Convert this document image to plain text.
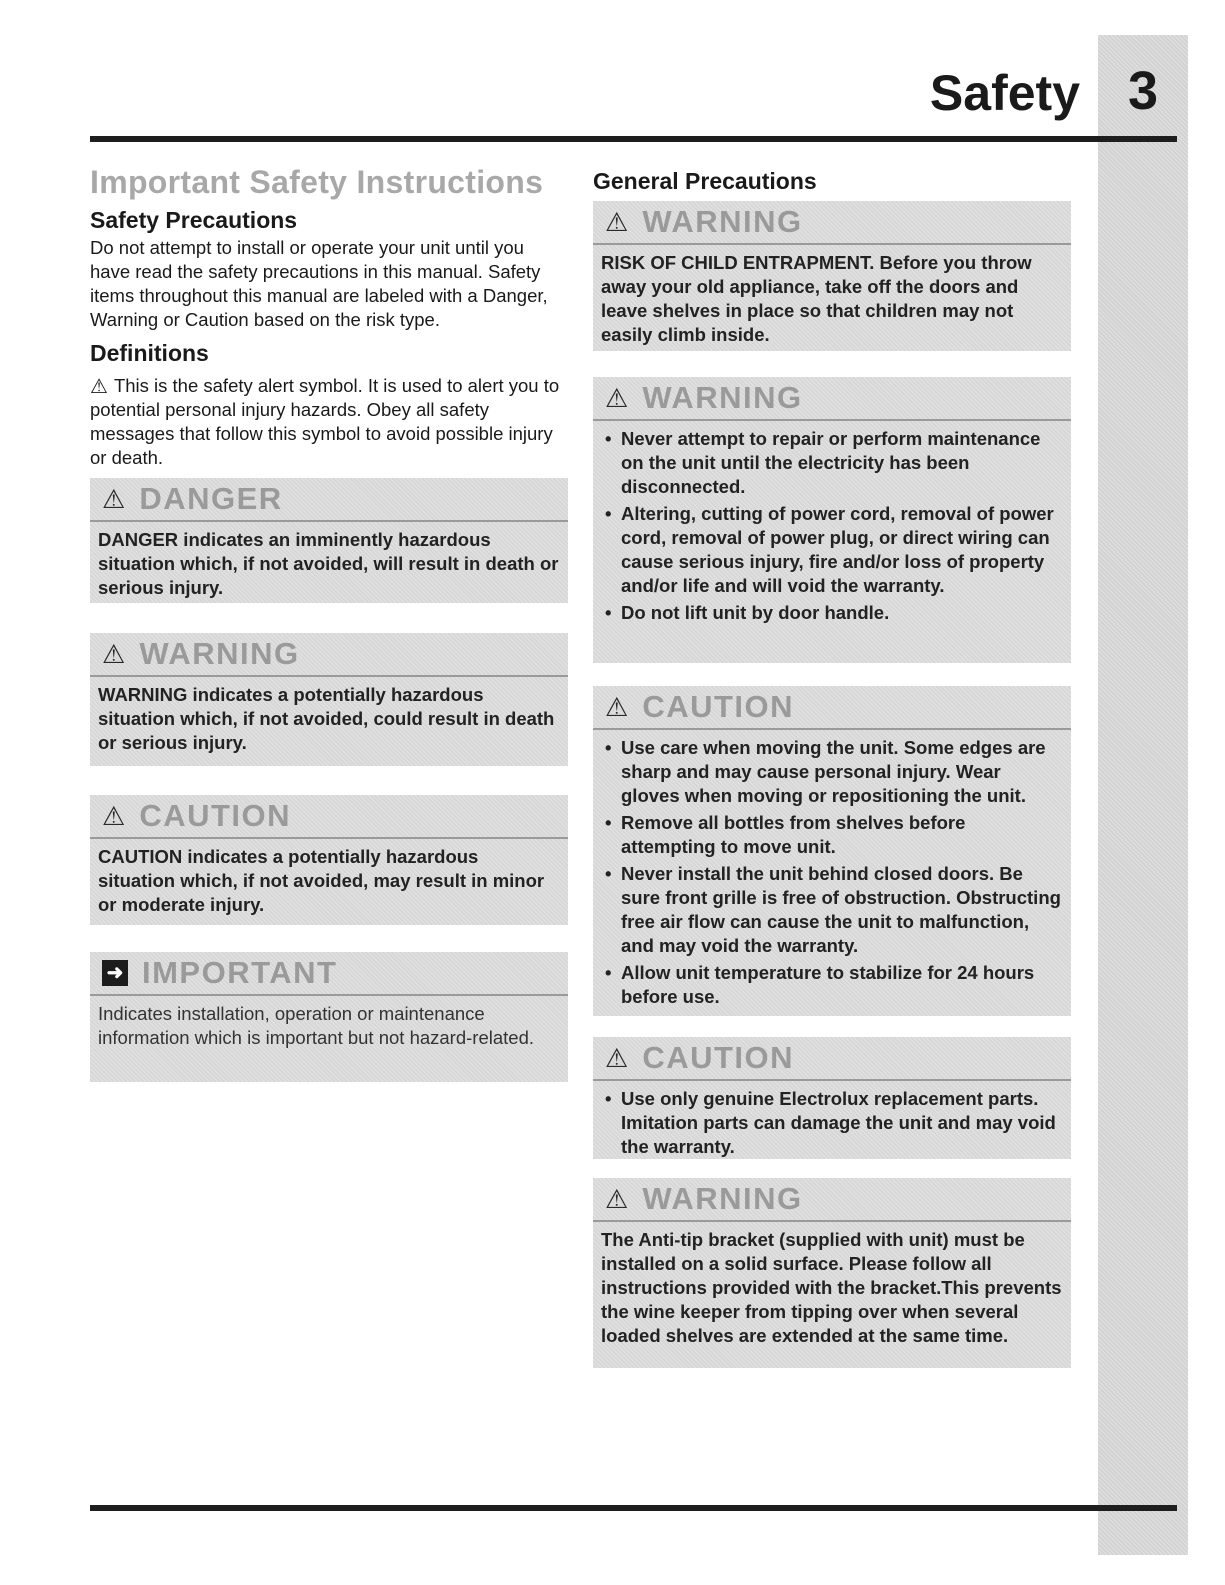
3
Safety
Important Safety Instructions
Safety Precautions
Do not attempt to install or operate your unit until you have read the safety precautions in this manual. Safety items throughout this manual are labeled with a Danger, Warning or Caution based on the risk type.
Definitions
⚠ This is the safety alert symbol. It is used to alert you to potential personal injury hazards. Obey all safety messages that follow this symbol to avoid possible injury or death.
⚠ DANGER
DANGER indicates an imminently hazardous situation which, if not avoided, will result in death or serious injury.
⚠ WARNING
WARNING indicates a potentially hazardous situation which, if not avoided, could result in death or serious injury.
⚠ CAUTION
CAUTION indicates a potentially hazardous situation which, if not avoided, may result in minor or moderate injury.
➜ IMPORTANT
Indicates installation, operation or maintenance information which is important but not hazard-related.
General Precautions
⚠ WARNING
RISK OF CHILD ENTRAPMENT. Before you throw away your old appliance, take off the doors and leave shelves in place so that children may not easily climb inside.
⚠ WARNING
• Never attempt to repair or perform maintenance on the unit until the electricity has been disconnected.
• Altering, cutting of power cord, removal of power cord, removal of power plug, or direct wiring can cause serious injury, fire and/or loss of property and/or life and will void the warranty.
• Do not lift unit by door handle.
⚠ CAUTION
• Use care when moving the unit. Some edges are sharp and may cause personal injury. Wear gloves when moving or repositioning the unit.
• Remove all bottles from shelves before attempting to move unit.
• Never install the unit behind closed doors. Be sure front grille is free of obstruction. Obstructing free air flow can cause the unit to malfunction, and may void the warranty.
• Allow unit temperature to stabilize for 24 hours before use.
⚠ CAUTION
• Use only genuine Electrolux replacement parts. Imitation parts can damage the unit and may void the warranty.
⚠ WARNING
The Anti-tip bracket (supplied with unit) must be installed on a solid surface. Please follow all instructions provided with the bracket.This prevents the wine keeper from tipping over when several loaded shelves are extended at the same time.
